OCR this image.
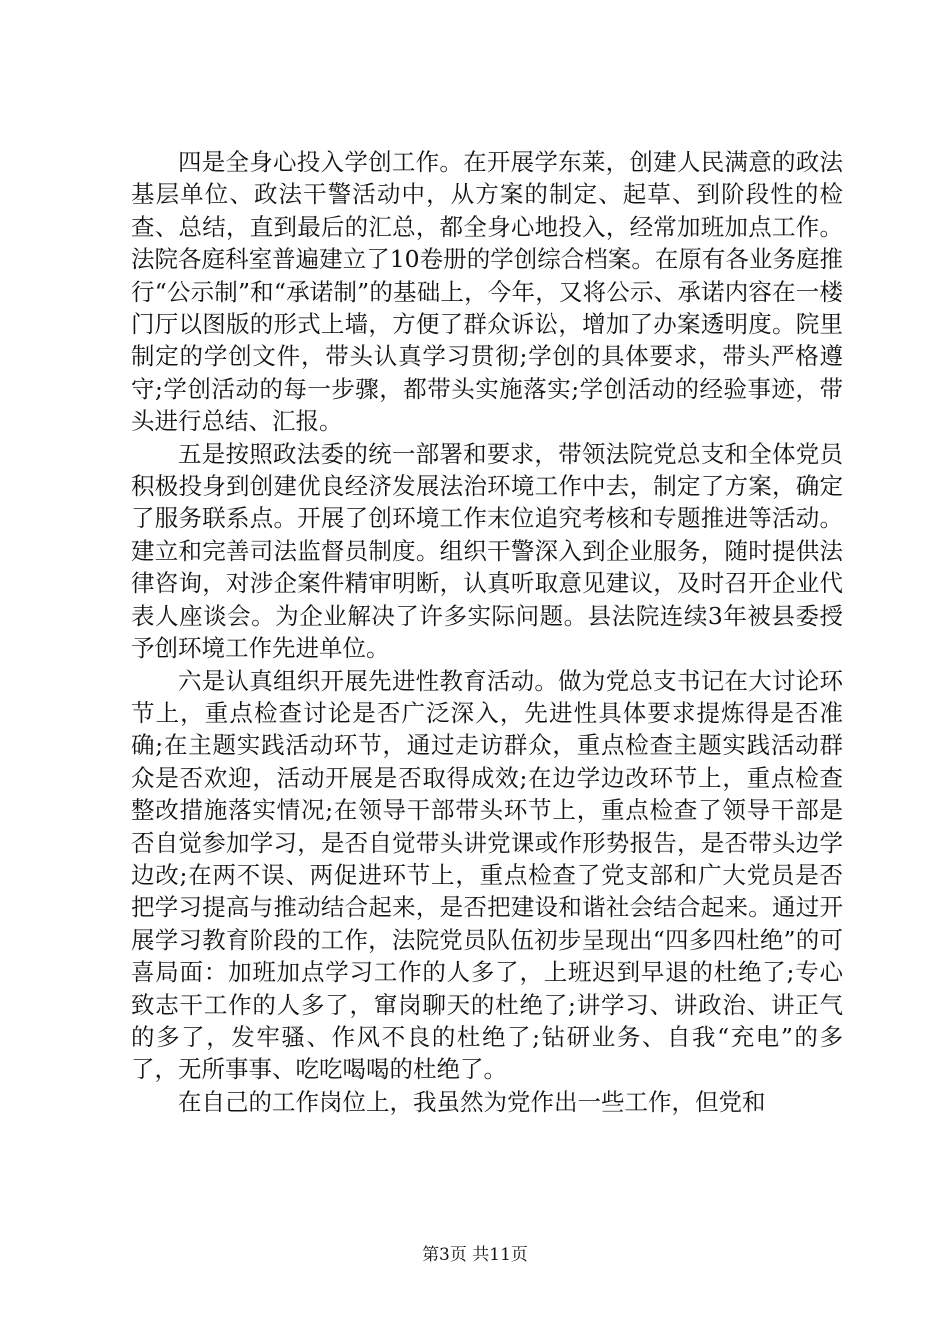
四是全身心投入学创工作。在开展学东莱，创建人民满意的政法基层单位、政法干警活动中，从方案的制定、起草、到阶段性的检查、总结，直到最后的汇总，都全身心地投入，经常加班加点工作。法院各庭科室普遍建立了10卷册的学创综合档案。在原有各业务庭推行“公示制”和“承诺制”的基础上，今年，又将公示、承诺内容在一楼门厅以图版的形式上墙，方便了群众诉讼，增加了办案透明度。院里制定的学创文件，带头认真学习贯彻;学创的具体要求，带头严格遵守;学创活动的每一步骤，都带头实施落实;学创活动的经验事迹，带头进行总结、汇报。

五是按照政法委的统一部署和要求，带领法院党总支和全体党员积极投身到创建优良经济发展法治环境工作中去，制定了方案，确定了服务联系点。开展了创环境工作末位追究考核和专题推进等活动。建立和完善司法监督员制度。组织干警深入到企业服务，随时提供法律咨询，对涉企案件精审明断，认真听取意见建议，及时召开企业代表人座谈会。为企业解决了许多实际问题。县法院连续3年被县委授予创环境工作先进单位。

六是认真组织开展先进性教育活动。做为党总支书记在大讨论环节上，重点检查讨论是否广泛深入，先进性具体要求提炼得是否准确;在主题实践活动环节，通过走访群众，重点检查主题实践活动群众是否欢迎，活动开展是否取得成效;在边学边改环节上，重点检查整改措施落实情况;在领导干部带头环节上，重点检查了领导干部是否自觉参加学习，是否自觉带头讲党课或作形势报告，是否带头边学边改;在两不误、两促进环节上，重点检查了党支部和广大党员是否把学习提高与推动结合起来，是否把建设和谐社会结合起来。通过开展学习教育阶段的工作，法院党员队伍初步呈现出“四多四杜绝”的可喜局面：加班加点学习工作的人多了，上班迟到早退的杜绝了;专心致志干工作的人多了，窜岗聊天的杜绝了;讲学习、讲政治、讲正气的多了，发牢骚、作风不良的杜绝了;钻研业务、自我“充电”的多了，无所事事、吃吃喝喝的杜绝了。

在自己的工作岗位上，我虽然为党作出一些工作，但党和

第3页 共11页
